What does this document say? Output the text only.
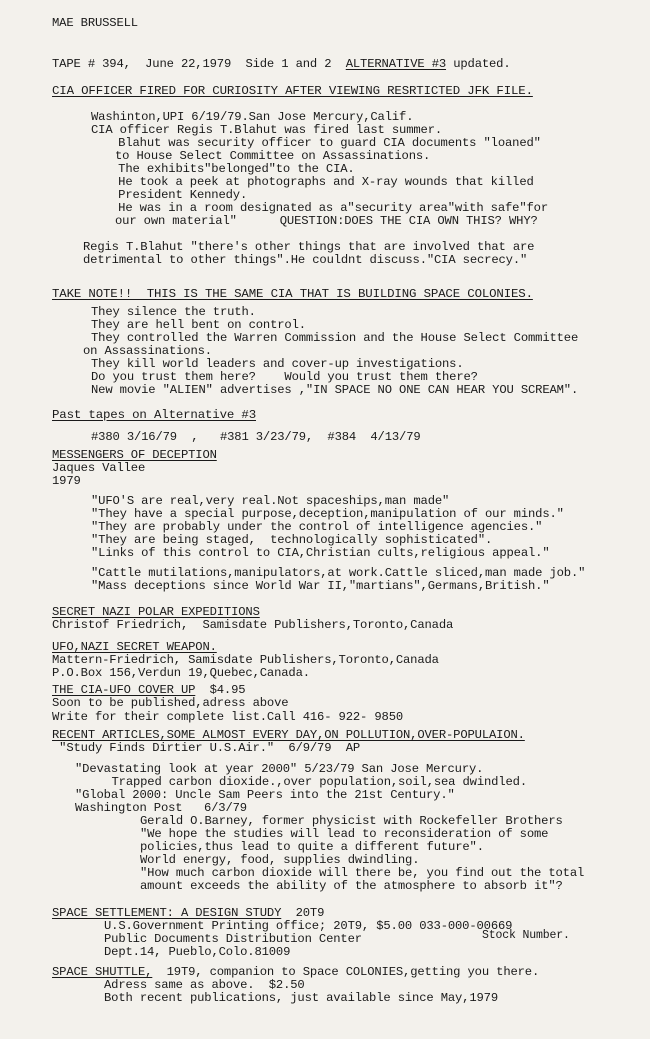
MAE BRUSSELL
TAPE # 394, June 22,1979 Side 1 and 2 ALTERNATIVE #3 updated.
CIA OFFICER FIRED FOR CURIOSITY AFTER VIEWING RESRTICTED JFK FILE.
Washinton,UPI 6/19/79.San Jose Mercury,Calif.
CIA officer Regis T.Blahut was fired last summer.
Blahut was security officer to guard CIA documents "loaned"
to House Select Committee on Assassinations.
The exhibits"belonged"to the CIA.
He took a peek at photographs and X-ray wounds that killed
President Kennedy.
He was in a room designated as a"security area"with safe"for
our own material"      QUESTION:DOES THE CIA OWN THIS? WHY?
Regis T.Blahut "there's other things that are involved that are
detrimental to other things".He couldnt discuss."CIA secrecy."
TAKE NOTE!!  THIS IS THE SAME CIA THAT IS BUILDING SPACE COLONIES.
They silence the truth.
They are hell bent on control.
They controlled the Warren Commission and the House Select Committee
on Assassinations.
They kill world leaders and cover-up investigations.
Do you trust them here?    Would you trust them there?
New movie "ALIEN" advertises ,"IN SPACE NO ONE CAN HEAR YOU SCREAM".
Past tapes on Alternative #3
#380 3/16/79  ,   #381 3/23/79,  #384  4/13/79
MESSENGERS OF DECEPTION
Jaques Vallee
1979
"UFO'S are real,very real.Not spaceships,man made"
"They have a special purpose,deception,manipulation of our minds."
"They are probably under the control of intelligence agencies."
"They are being staged,  technologically sophisticated".
"Links of this control to CIA,Christian cults,religious appeal."
"Cattle mutilations,manipulators,at work.Cattle sliced,man made job."
"Mass deceptions since World War II,"martians",Germans,British."
SECRET NAZI POLAR EXPEDITIONS
Christof Friedrich,  Samisdate Publishers,Toronto,Canada
UFO,NAZI SECRET WEAPON.
Mattern-Friedrich, Samisdate Publishers,Toronto,Canada
P.O.Box 156,Verdun 19,Quebec,Canada.
THE CIA-UFO COVER UP $4.95
Soon to be published,adress above
Write for their complete list.Call 416- 922- 9850
RECENT ARTICLES,SOME ALMOST EVERY DAY,ON POLLUTION,OVER-POPULAION.
"Study Finds Dirtier U.S.Air."  6/9/79  AP
"Devastating look at year 2000" 5/23/79 San Jose Mercury.
Trapped carbon dioxide.,over population,soil,sea dwindled.
"Global 2000: Uncle Sam Peers into the 21st Century."
Washington Post   6/3/79
Gerald O.Barney, former physicist with Rockefeller Brothers
"We hope the studies will lead to reconsideration of some
policies,thus lead to quite a different future".
World energy, food, supplies dwindling.
"How much carbon dioxide will there be, you find out the total
amount exceeds the ability of the atmosphere to absorb it"?
SPACE SETTLEMENT: A DESIGN STUDY 20T9
U.S.Government Printing office; 20T9, $5.00 033-000-00669
Stock Number.
Public Documents Distribution Center
Dept.14, Pueblo,Colo.81009
SPACE SHUTTLE, 19T9, companion to Space COLONIES,getting you there.
Adress same as above.  $2.50
Both recent publications, just available since May,1979
